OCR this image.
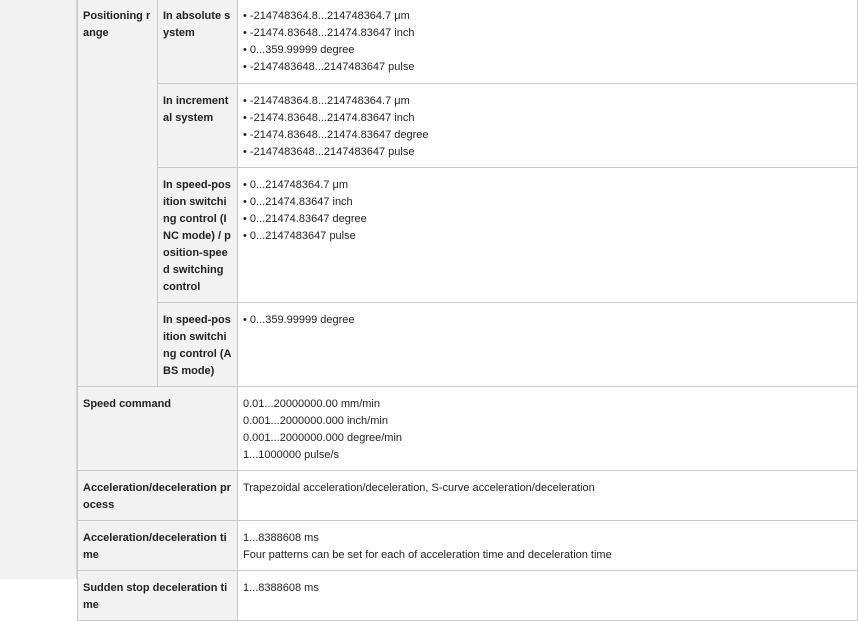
Positioning range	In absolute system	• -214748364.8...214748364.7 μm
• -21474.83648...21474.83647 inch
• 0...359.99999 degree
• -2147483648...2147483647 pulse

	In incremental system	• -214748364.8...214748364.7 μm
• -21474.83648...21474.83647 inch
• -21474.83648...21474.83647 degree
• -2147483648...2147483647 pulse

	In speed-position switching control (INC mode) / position-speed switching control	• 0...214748364.7 μm
• 0...21474.83647 inch
• 0...21474.83647 degree
• 0...2147483647 pulse

	In speed-position switching control (ABS mode)	• 0...359.99999 degree

Speed command		0.01...20000000.00 mm/min
0.001...2000000.000 inch/min
0.001...2000000.000 degree/min
1...1000000 pulse/s

Acceleration/deceleration process		Trapezoidal acceleration/deceleration, S-curve acceleration/deceleration

Acceleration/deceleration time		1...8388608 ms
Four patterns can be set for each of acceleration time and deceleration time

Sudden stop deceleration time		1...8388608 ms
